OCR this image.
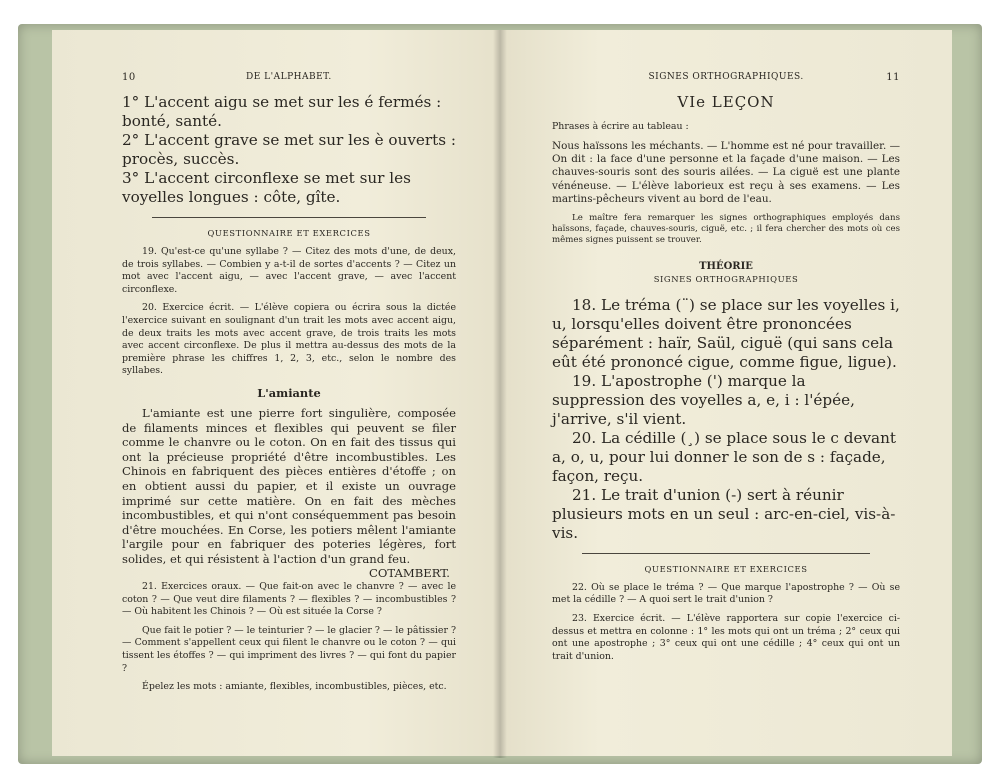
10	DE L'ALPHABET.

1° L'accent aigu se met sur les é fermés : bonté, santé.

2° L'accent grave se met sur les è ouverts : procès, succès.

3° L'accent circonflexe se met sur les voyelles longues : côte, gîte.

QUESTIONNAIRE ET EXERCICES

19. Qu'est-ce qu'une syllabe ? — Citez des mots d'une, de deux, de trois syllabes. — Combien y a-t-il de sortes d'accents ? — Citez un mot avec l'accent aigu, — avec l'accent grave, — avec l'accent circonflexe.

20. Exercice écrit. — L'élève copiera ou écrira sous la dictée l'exercice suivant en soulignant d'un trait les mots avec accent aigu, de deux traits les mots avec accent grave, de trois traits les mots avec accent circonflexe. De plus il mettra au-dessus des mots de la première phrase les chiffres 1, 2, 3, etc., selon le nombre des syllabes.

L'amiante

L'amiante est une pierre fort singulière, composée de filaments minces et flexibles qui peuvent se filer comme le chanvre ou le coton. On en fait des tissus qui ont la précieuse propriété d'être incombustibles. Les Chinois en fabriquent des pièces entières d'étoffe ; on en obtient aussi du papier, et il existe un ouvrage imprimé sur cette matière. On en fait des mèches incombustibles, et qui n'ont conséquemment pas besoin d'être mouchées. En Corse, les potiers mêlent l'amiante l'argile pour en fabriquer des poteries légères, fort solides, et qui résistent à l'action d'un grand feu.

COTAMBERT.

21. Exercices oraux. — Que fait-on avec le chanvre ? — avec le coton ? — Que veut dire filaments ? — flexibles ? — incombustibles ? — Où habitent les Chinois ? — Où est située la Corse ?

Que fait le potier ? — le teinturier ? — le glacier ? — le pâtissier ? — Comment s'appellent ceux qui filent le chanvre ou le coton ? — qui tissent les étoffes ? — qui impriment des livres ? — qui font du papier ?

Épelez les mots : amiante, flexibles, incombustibles, pièces, etc.

SIGNES ORTHOGRAPHIQUES.	11
VIe LEÇON

Phrases à écrire au tableau :

Nous haïssons les méchants. — L'homme est né pour travailler. — On dit : la face d'une personne et la façade d'une maison. — Les chauves-souris sont des souris ailées. — La ciguë est une plante vénéneuse. — L'élève laborieux est reçu à ses examens. — Les martins-pêcheurs vivent au bord de l'eau.

Le maître fera remarquer les signes orthographiques employés dans haïssons, façade, chauves-souris, ciguë, etc. ; il fera chercher des mots où ces mêmes signes puissent se trouver.

THÉORIE
SIGNES ORTHOGRAPHIQUES

18. Le tréma (¨) se place sur les voyelles i, u, lorsqu'elles doivent être prononcées séparément : haïr, Saül, ciguë (qui sans cela eût été prononcé cigue, comme figue, ligue).

19. L'apostrophe (') marque la suppression des voyelles a, e, i : l'épée, j'arrive, s'il vient.

20. La cédille (¸) se place sous le c devant a, o, u, pour lui donner le son de s : façade, façon, reçu.

21. Le trait d'union (-) sert à réunir plusieurs mots en un seul : arc-en-ciel, vis-à-vis.

QUESTIONNAIRE ET EXERCICES

22. Où se place le tréma ? — Que marque l'apostrophe ? — Où se met la cédille ? — A quoi sert le trait d'union ?

23. Exercice écrit. — L'élève rapportera sur copie l'exercice ci-dessus et mettra en colonne : 1° les mots qui ont un tréma ; 2° ceux qui ont une apostrophe ; 3° ceux qui ont une cédille ; 4° ceux qui ont un trait d'union.
